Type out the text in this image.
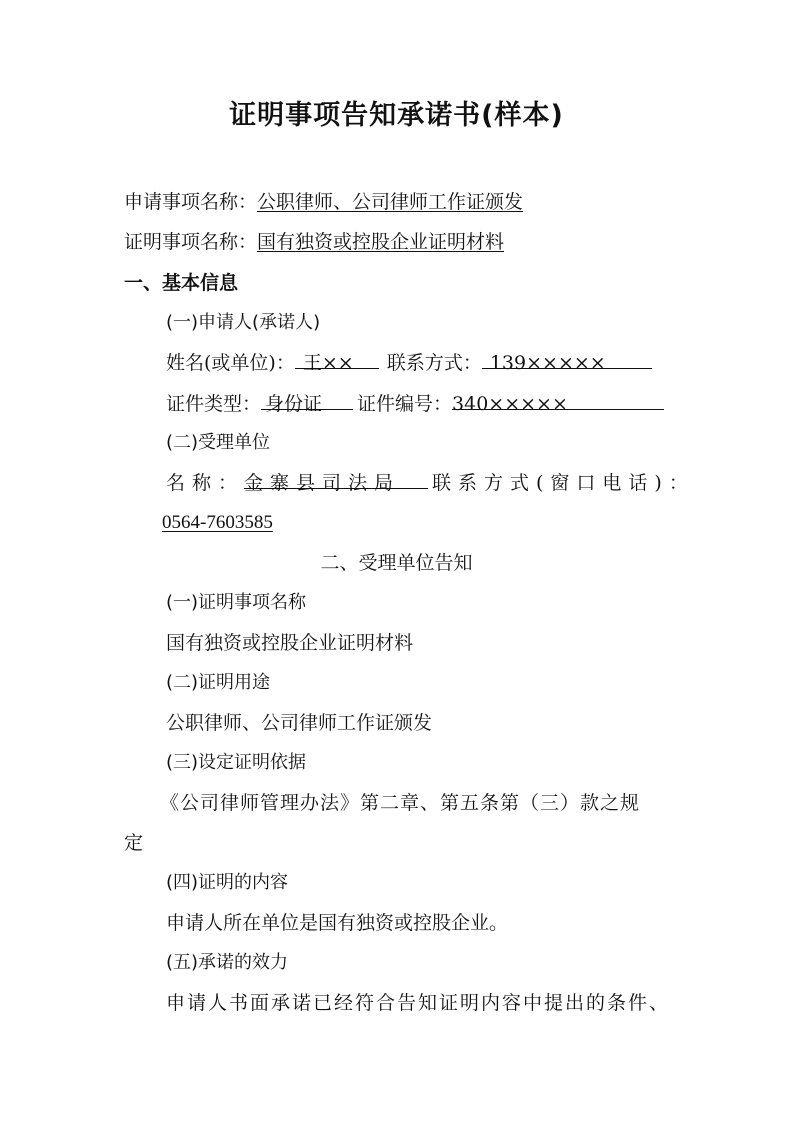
证明事项告知承诺书(样本)
申请事项名称：公职律师、公司律师工作证颁发
证明事项名称：国有独资或控股企业证明材料
一、基本信息
(一)申请人(承诺人)
姓名(或单位)： 王×× 联系方式： 139×××××
证件类型： 身份证 证件编号：340×××××
(二)受理单位
名称：金寨县司法局 联系方式(窗口电话)：
0564-7603585
二、受理单位告知
(一)证明事项名称
国有独资或控股企业证明材料
(二)证明用途
公职律师、公司律师工作证颁发
(三)设定证明依据
《公司律师管理办法》第二章、第五条第（三）款之规
定
(四)证明的内容
申请人所在单位是国有独资或控股企业。
(五)承诺的效力
申请人书面承诺已经符合告知证明内容中提出的条件、
